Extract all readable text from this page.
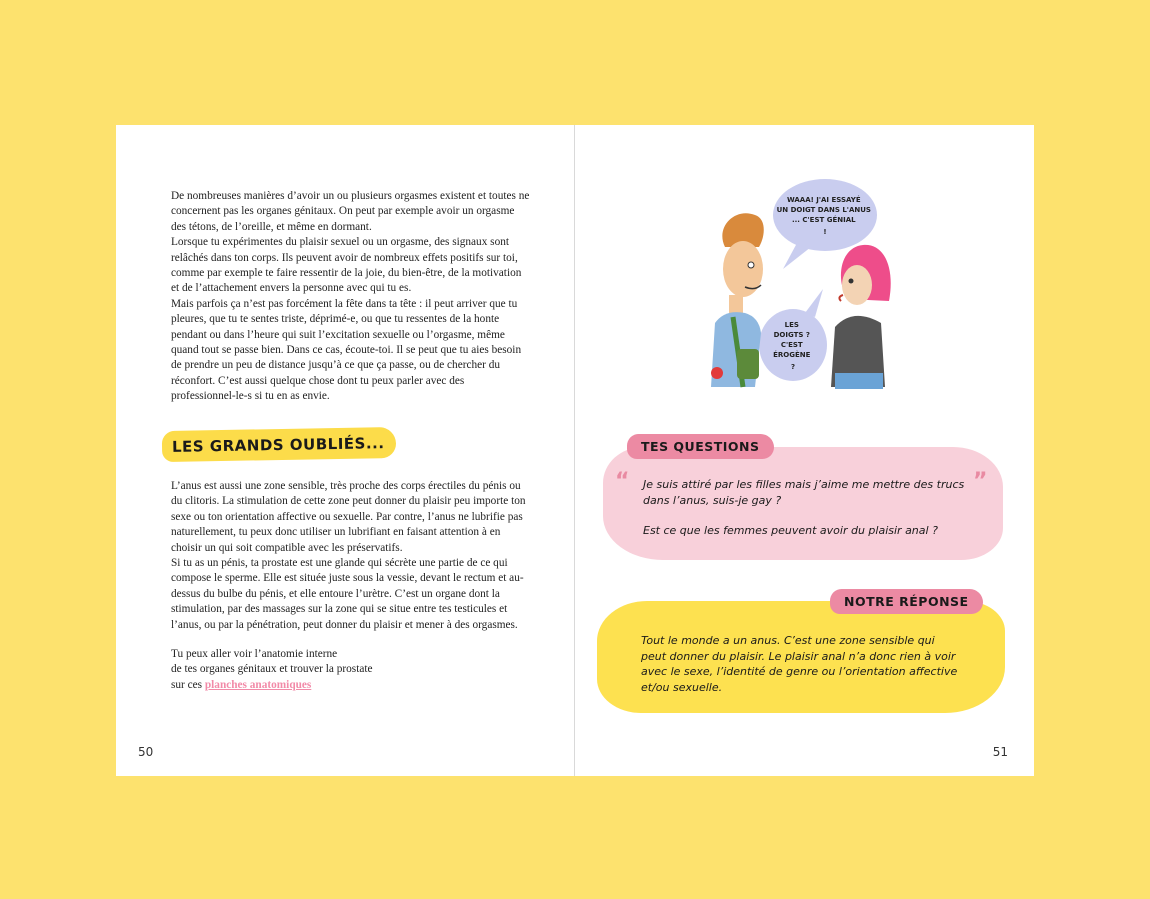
De nombreuses manières d’avoir un ou plusieurs orgasmes existent et toutes ne concernent pas les organes génitaux. On peut par exemple avoir un orgasme des tétons, de l’oreille, et même en dormant.

Lorsque tu expérimentes du plaisir sexuel ou un orgasme, des signaux sont relâchés dans ton corps. Ils peuvent avoir de nombreux effets positifs sur toi, comme par exemple te faire ressentir de la joie, du bien-être, de la motivation et de l’attachement envers la personne avec qui tu es.

Mais parfois ça n’est pas forcément la fête dans ta tête : il peut arriver que tu pleures, que tu te sentes triste, déprimé-e, ou que tu ressentes de la honte pendant ou dans l’heure qui suit l’excitation sexuelle ou l’orgasme, même quand tout se passe bien. Dans ce cas, écoute-toi. Il se peut que tu aies besoin de prendre un peu de distance jusqu’à ce que ça passe, ou de chercher du réconfort. C’est aussi quelque chose dont tu peux parler avec des professionnel-le-s si tu en as envie.

LES GRANDS OUBLIÉS...

L’anus est aussi une zone sensible, très proche des corps érectiles du pénis ou du clitoris. La stimulation de cette zone peut donner du plaisir peu importe ton sexe ou ton orientation affective ou sexuelle. Par contre, l’anus ne lubrifie pas naturellement, tu peux donc utiliser un lubrifiant en faisant attention à en choisir un qui soit compatible avec les préservatifs.

Si tu as un pénis, ta prostate est une glande qui sécrète une partie de ce qui compose le sperme. Elle est située juste sous la vessie, devant le rectum et au-dessus du bulbe du pénis, et elle entoure l’urètre. C’est un organe dont la stimulation, par des massages sur la zone qui se situe entre tes testicules et l’anus, ou par la pénétration, peut donner du plaisir et mener à des orgasmes.

Tu peux aller voir l’anatomie interne

de tes organes génitaux et trouver la prostate

sur ces planches anatomiques

50
WAAA! J'AI ESSAYÉ UN DOIGT DANS L'ANUS ... C'EST GÉNIAL !
LES DOIGTS ? C'EST ÉROGÈNE ?
TES QUESTIONS
“	”
Je suis attiré par les filles mais j’aime me mettre des trucs dans l’anus, suis-je gay ?
Est ce que les femmes peuvent avoir du plaisir anal ?
NOTRE RÉPONSE
Tout le monde a un anus. C’est une zone sensible qui peut donner du plaisir. Le plaisir anal n’a donc rien à voir avec le sexe, l’identité de genre ou l’orientation affective et/ou sexuelle.
51
